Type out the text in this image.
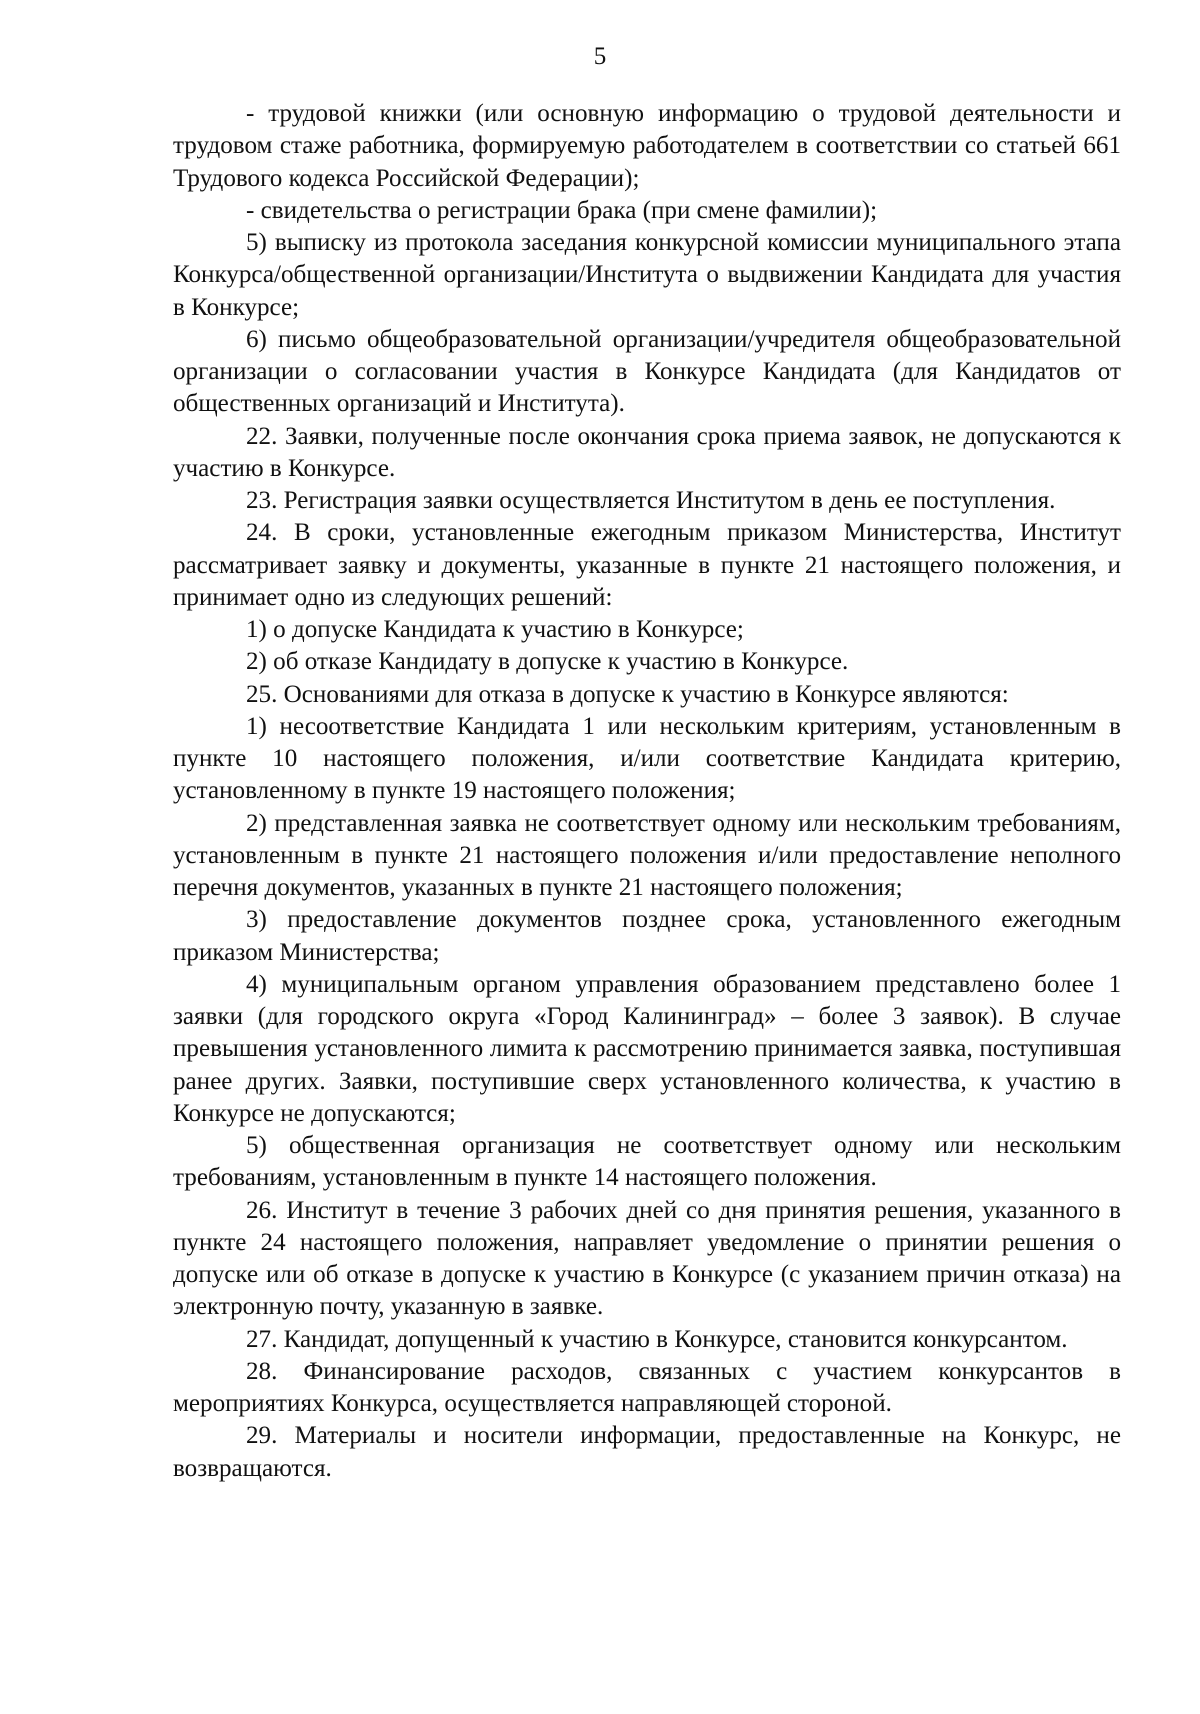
5

- трудовой книжки (или основную информацию о трудовой деятельности и трудовом стаже работника, формируемую работодателем в соответствии со статьей 661 Трудового кодекса Российской Федерации);

- свидетельства о регистрации брака (при смене фамилии);

5) выписку из протокола заседания конкурсной комиссии муниципального этапа Конкурса/общественной организации/Института о выдвижении Кандидата для участия в Конкурсе;

6) письмо общеобразовательной организации/учредителя общеобразовательной организации о согласовании участия в Конкурсе Кандидата (для Кандидатов от общественных организаций и Института).

22. Заявки, полученные после окончания срока приема заявок, не допускаются к участию в Конкурсе.

23. Регистрация заявки осуществляется Институтом в день ее поступления.

24. В сроки, установленные ежегодным приказом Министерства, Институт рассматривает заявку и документы, указанные в пункте 21 настоящего положения, и принимает одно из следующих решений:

1) о допуске Кандидата к участию в Конкурсе;

2) об отказе Кандидату в допуске к участию в Конкурсе.

25. Основаниями для отказа в допуске к участию в Конкурсе являются:

1) несоответствие Кандидата 1 или нескольким критериям, установленным в пункте 10 настоящего положения, и/или соответствие Кандидата критерию, установленному в пункте 19 настоящего положения;

2) представленная заявка не соответствует одному или нескольким требованиям, установленным в пункте 21 настоящего положения и/или предоставление неполного перечня документов, указанных в пункте 21 настоящего положения;

3) предоставление документов позднее срока, установленного ежегодным приказом Министерства;

4) муниципальным органом управления образованием представлено более 1 заявки (для городского округа «Город Калининград» – более 3 заявок). В случае превышения установленного лимита к рассмотрению принимается заявка, поступившая ранее других. Заявки, поступившие сверх установленного количества, к участию в Конкурсе не допускаются;

5) общественная организация не соответствует одному или нескольким требованиям, установленным в пункте 14 настоящего положения.

26. Институт в течение 3 рабочих дней со дня принятия решения, указанного в пункте 24 настоящего положения, направляет уведомление о принятии решения о допуске или об отказе в допуске к участию в Конкурсе (с указанием причин отказа) на электронную почту, указанную в заявке.

27. Кандидат, допущенный к участию в Конкурсе, становится конкурсантом.

28. Финансирование расходов, связанных с участием конкурсантов в мероприятиях Конкурса, осуществляется направляющей стороной.

29. Материалы и носители информации, предоставленные на Конкурс, не возвращаются.
